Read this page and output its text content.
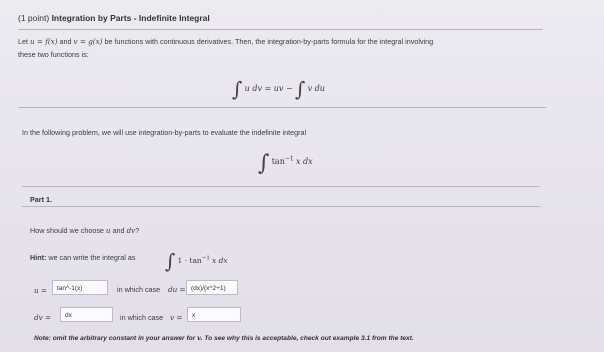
(1 point) Integration by Parts - Indefinite Integral
Let u = f(x) and v = g(x) be functions with continuous derivatives. Then, the integration-by-parts formula for the integral involving
these two functions is:
∫ u dv = uv − ∫ v du
In the following problem, we will use integration-by-parts to evaluate the indefinite integral
∫ $\tan^{-1} x$ dx
Part 1.
How should we choose u and dv?
Hint: we can write the integral as ∫ $1 \cdot \tan^{-1} x$ dx
u =	tan^-1(x)	in which case du = (dx)/(x^2+1)
dv =	dx	in which case v =	x
Note: omit the arbitrary constant in your answer for v. To see why this is acceptable, check out example 3.1 from the text.
